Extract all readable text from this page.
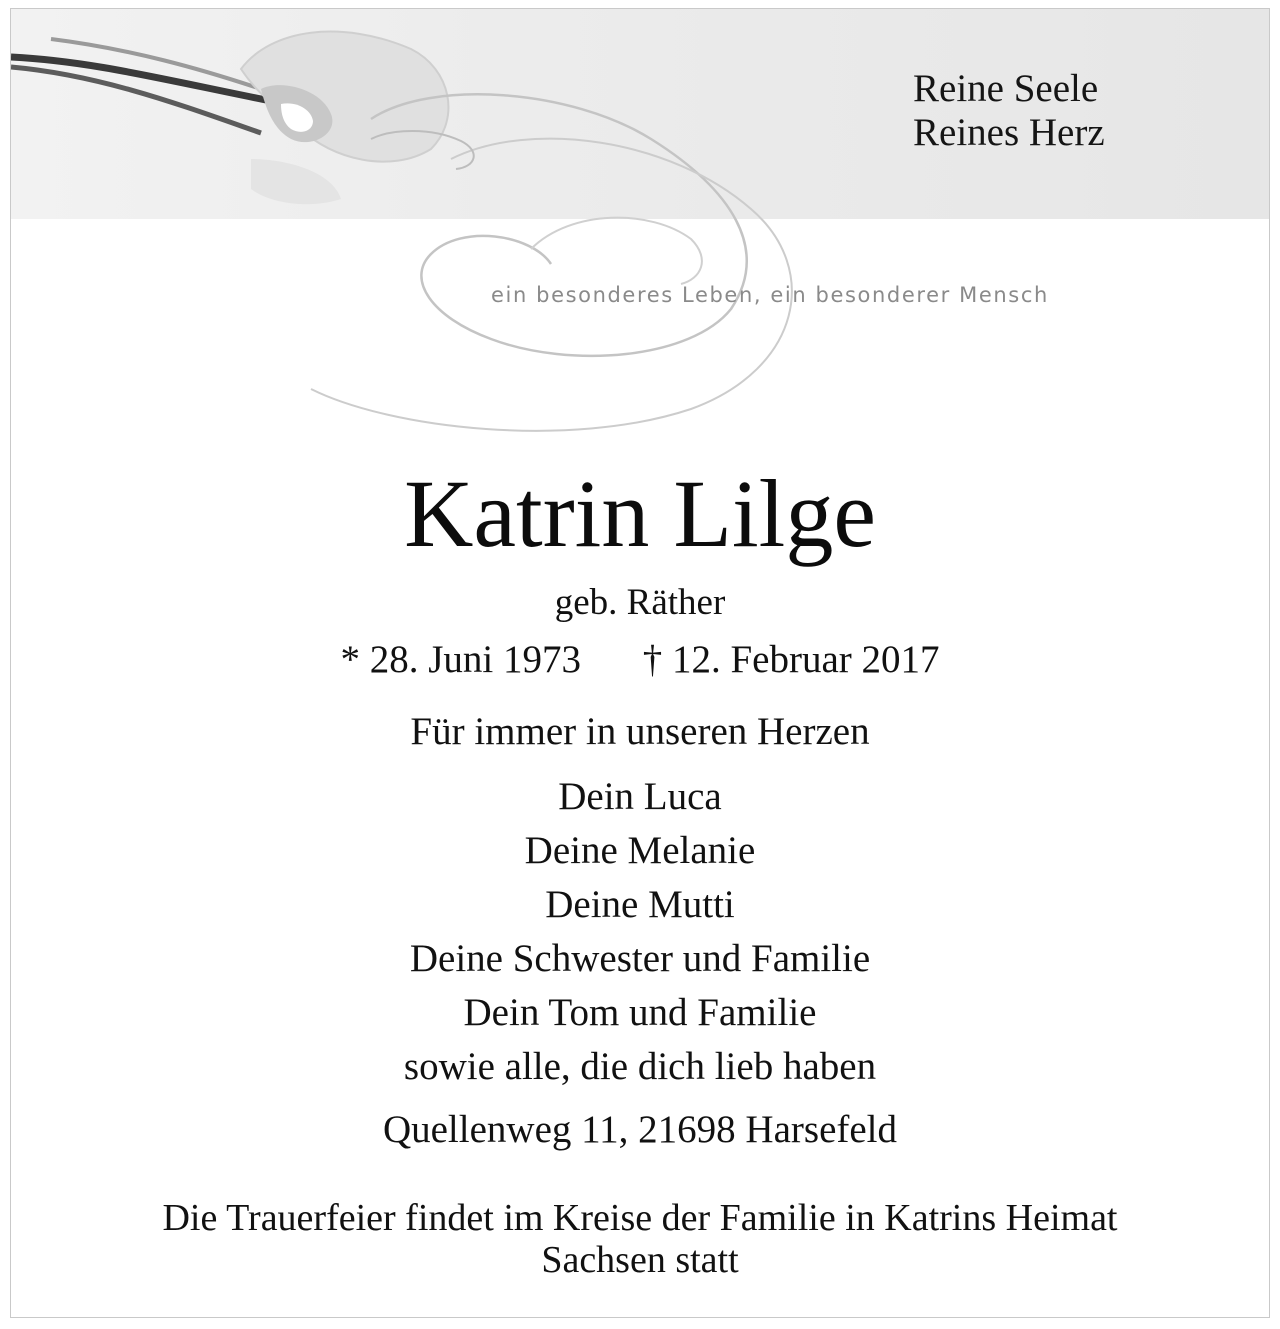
Reine Seele
Reines Herz
ein besonderes Leben, ein besonderer Mensch
Katrin Lilge
geb. Räther
* 28. Juni 1973 † 12. Februar 2017
Für immer in unseren Herzen
Dein Luca
Deine Melanie
Deine Mutti
Deine Schwester und Familie
Dein Tom und Familie
sowie alle, die dich lieb haben
Quellenweg 11, 21698 Harsefeld
Die Trauerfeier findet im Kreise der Familie in Katrins Heimat
Sachsen statt
